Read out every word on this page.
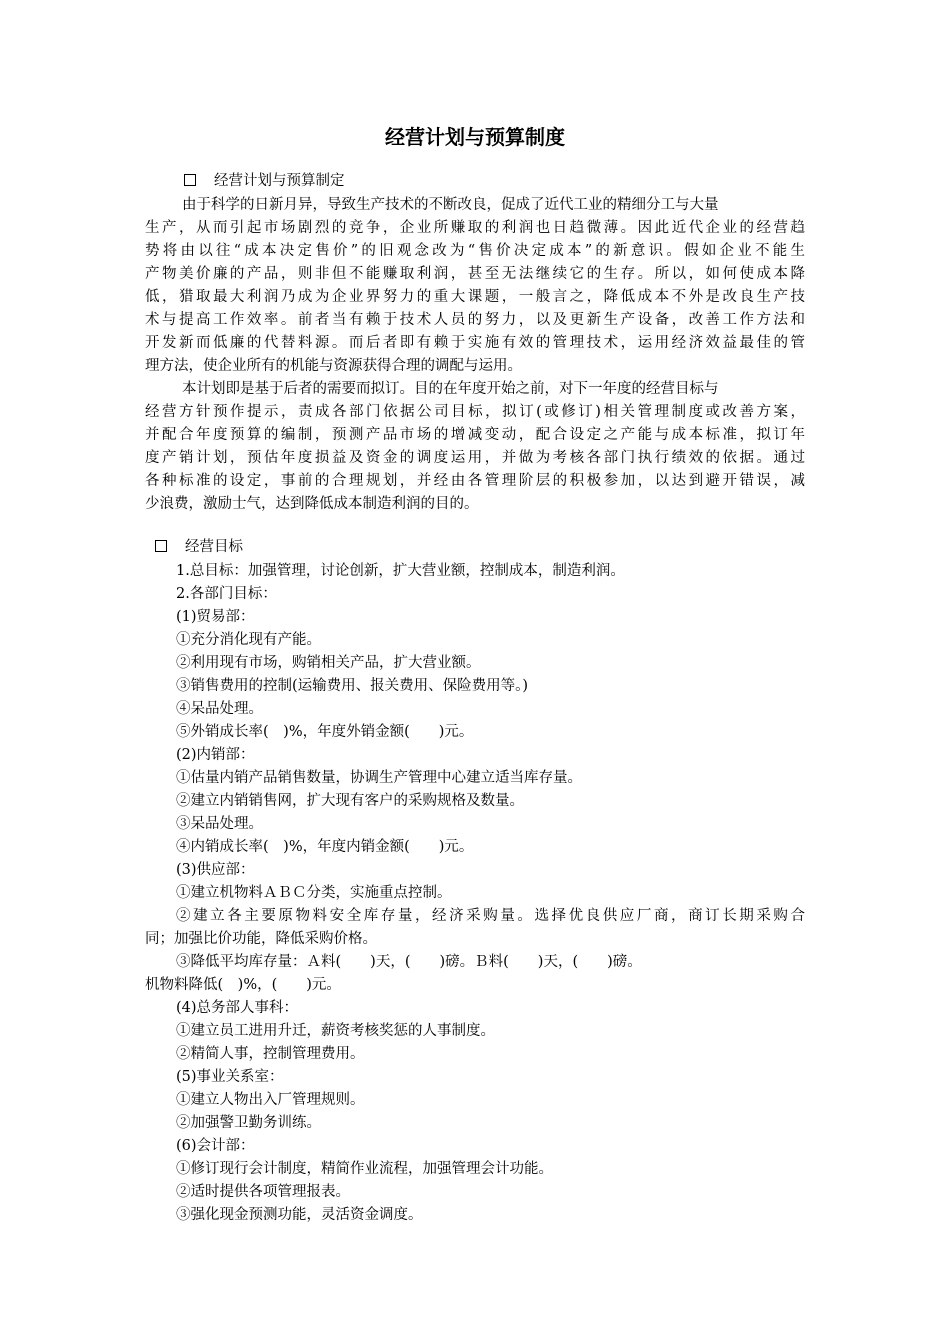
经营计划与预算制度
经营计划与预算制定
由于科学的日新月异，导致生产技术的不断改良，促成了近代工业的精细分工与大量
生产，从而引起市场剧烈的竞争，企业所赚取的利润也日趋微薄。因此近代企业的经营趋
势将由以往“成本决定售价”的旧观念改为“售价决定成本”的新意识。假如企业不能生
产物美价廉的产品，则非但不能赚取利润，甚至无法继续它的生存。所以，如何使成本降
低，猎取最大利润乃成为企业界努力的重大课题，一般言之，降低成本不外是改良生产技
术与提高工作效率。前者当有赖于技术人员的努力，以及更新生产设备，改善工作方法和
开发新而低廉的代替料源。而后者即有赖于实施有效的管理技术，运用经济效益最佳的管
理方法，使企业所有的机能与资源获得合理的调配与运用。
本计划即是基于后者的需要而拟订。目的在年度开始之前，对下一年度的经营目标与
经营方针预作提示，责成各部门依据公司目标，拟订(或修订)相关管理制度或改善方案，
并配合年度预算的编制，预测产品市场的增减变动，配合设定之产能与成本标准，拟订年
度产销计划，预估年度损益及资金的调度运用，并做为考核各部门执行绩效的依据。通过
各种标准的设定，事前的合理规划，并经由各管理阶层的积极参加，以达到避开错误，减
少浪费，激励士气，达到降低成本制造利润的目的。
经营目标
1.总目标：加强管理，讨论创新，扩大营业额，控制成本，制造利润。
2.各部门目标：
(1)贸易部：
①充分消化现有产能。
②利用现有市场，购销相关产品，扩大营业额。
③销售费用的控制(运输费用、报关费用、保险费用等。)
④呆品处理。
⑤外销成长率(　)%，年度外销金额(　　)元。
(2)内销部：
①估量内销产品销售数量，协调生产管理中心建立适当库存量。
②建立内销销售网，扩大现有客户的采购规格及数量。
③呆品处理。
④内销成长率(　)%，年度内销金额(　　)元。
(3)供应部：
①建立机物料ＡＢＣ分类，实施重点控制。
②建立各主要原物料安全库存量，经济采购量。选择优良供应厂商，商订长期采购合
同；加强比价功能，降低采购价格。
③降低平均库存量：Ａ料(　　)天，(　　)磅。Ｂ料(　　)天，(　　)磅。
机物料降低(　)%，(　　)元。
(4)总务部人事科：
①建立员工进用升迁，薪资考核奖惩的人事制度。
②精简人事，控制管理费用。
(5)事业关系室：
①建立人物出入厂管理规则。
②加强警卫勤务训练。
(6)会计部：
①修订现行会计制度，精简作业流程，加强管理会计功能。
②适时提供各项管理报表。
③强化现金预测功能，灵活资金调度。
